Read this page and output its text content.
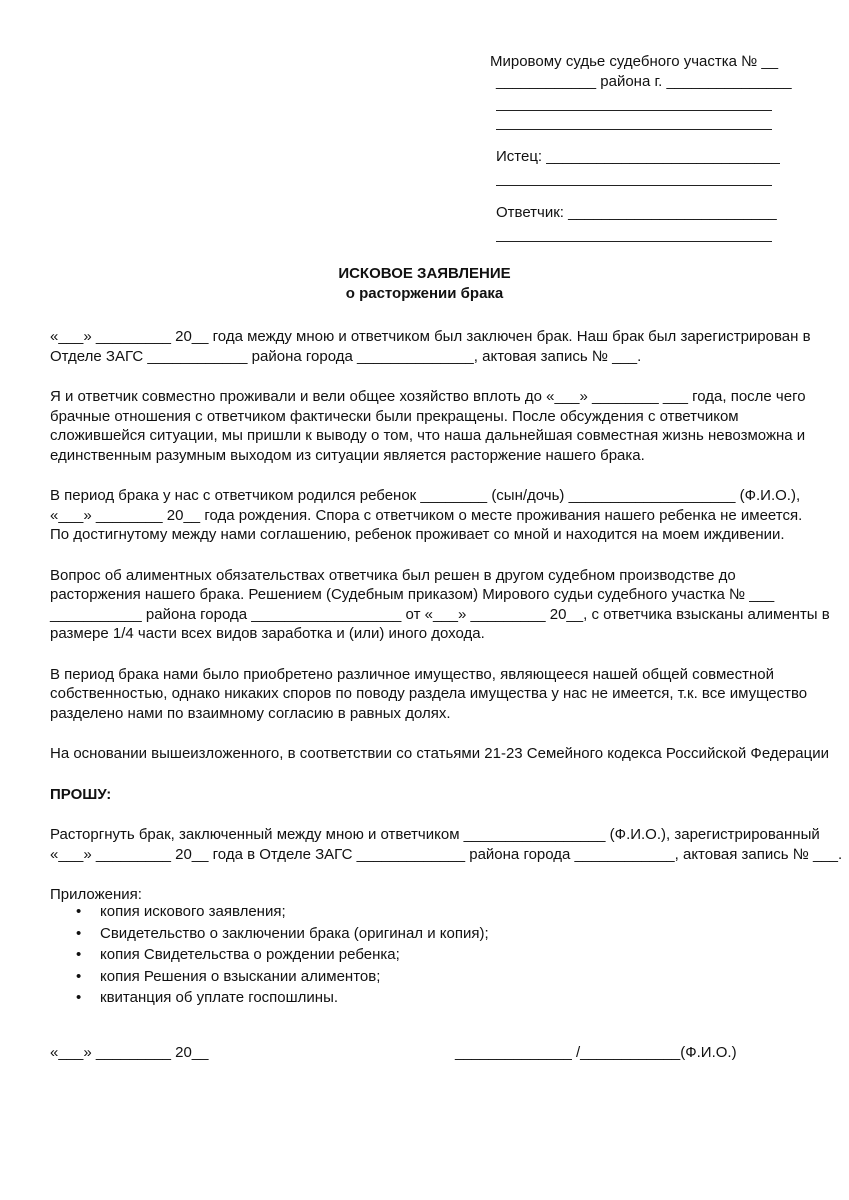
Мировому судье судебного участка № __
____________ района г. _______________
Истец: ____________________________
Ответчик: _________________________
ИСКОВОЕ ЗАЯВЛЕНИЕ
о расторжении брака

«___» _________ 20__ года между мною и ответчиком был заключен брак. Наш брак был зарегистрирован в

Отделе ЗАГС ____________ района города ______________, актовая запись № ___.

Я и ответчик совместно проживали и вели общее хозяйство вплоть до «___» ________ ___ года, после чего

брачные отношения с ответчиком фактически были прекращены. После обсуждения с ответчиком

сложившейся ситуации, мы пришли к выводу о том, что наша дальнейшая совместная жизнь невозможна и

единственным разумным выходом из ситуации является расторжение нашего брака.

В период брака у нас с ответчиком родился ребенок ________ (сын/дочь) ____________________ (Ф.И.О.),

«___» ________ 20__ года рождения. Спора с ответчиком о месте проживания нашего ребенка не имеется.

По достигнутому между нами соглашению, ребенок проживает со мной и находится на моем иждивении.

Вопрос об алиментных обязательствах ответчика был решен в другом судебном производстве до

расторжения нашего брака. Решением (Судебным приказом) Мирового судьи судебного участка № ___

___________ района города __________________ от «___» _________ 20__, с ответчика взысканы алименты в

размере 1/4 части всех видов заработка и (или) иного дохода.

В период брака нами было приобретено различное имущество, являющееся нашей общей совместной

собственностью, однако никаких споров по поводу раздела имущества у нас не имеется, т.к. все имущество

разделено нами по взаимному согласию в равных долях.

На основании вышеизложенного, в соответствии со статьями 21-23 Семейного кодекса Российской Федерации

ПРОШУ:

Расторгнуть брак, заключенный между мною и ответчиком _________________ (Ф.И.О.), зарегистрированный

«___» _________ 20__ года в Отделе ЗАГС _____________ района города ____________, актовая запись № ___.

Приложения:

• копия искового заявления;
• Свидетельство о заключении брака (оригинал и копия);
• копия Свидетельства о рождении ребенка;
• копия Решения о взыскании алиментов;
• квитанция об уплате госпошлины.
«___» _________ 20__	______________ /____________(Ф.И.О.)
